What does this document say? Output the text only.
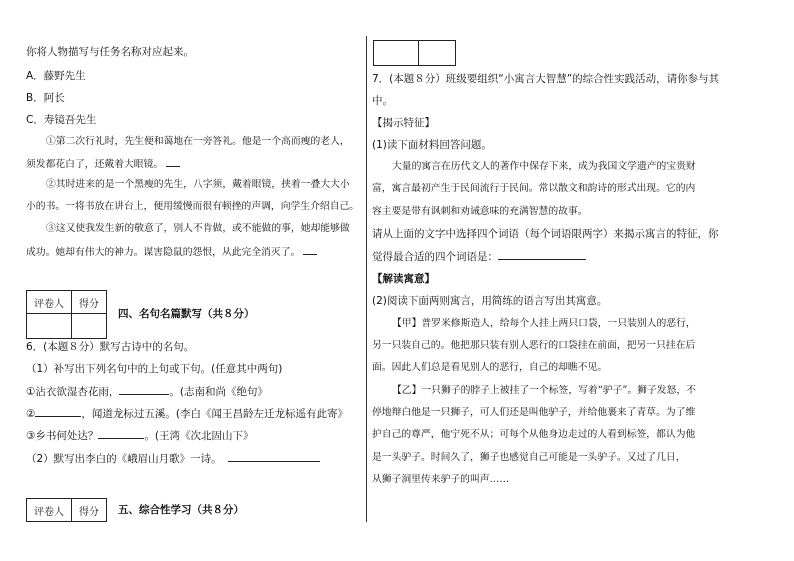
你将人物描写与任务名称对应起来。
A．藤野先生
B．阿长
C．寿镜吾先生
①第二次行礼时，先生便和蔼地在一旁答礼。他是一个高而瘦的老人，
须发都花白了，还戴着大眼镜。
②其时进来的是一个黑瘦的先生，八字须，戴着眼镜，挟着一叠大大小
小的书。一将书放在讲台上，便用缓慢而很有顿挫的声调，向学生介绍自己。
③这又使我发生新的敬意了，别人不肯做，或不能做的事，她却能够做
成功。她却有伟大的神力。谋害隐鼠的怨恨，从此完全消灭了。
评卷人	得分

四、名句名篇默写（共８分）
6．(本题８分）默写古诗中的名句。
（1）补写出下列名句中的上句或下句。(任意其中两句)
①沾衣欲湿杏花雨，	。(志南和尚《绝句》
②	，闻道龙标过五溪。(李白《闻王昌龄左迁龙标遥有此寄》
③乡书何处达？	。(王湾《次北固山下》
（2）默写出李白的《峨眉山月歌》一诗。
评卷人	得分 五、综合性学习（共８分）
7．(本题８分）班级要组织“小寓言大智慧”的综合性实践活动，请你参与其
中。
【揭示特征】
(1)读下面材料回答问题。
大量的寓言在历代文人的著作中保存下来，成为我国文学遗产的宝贵财
富，寓言最初产生于民间流行于民间。常以散文和韵诗的形式出现。它的内
容主要是带有讽刺和劝诫意味的充满智慧的故事。
请从上面的文字中选择四个词语（每个词语限两字）来揭示寓言的特征，你
觉得最合适的四个词语是：
【解读寓意】
(2)阅读下面两则寓言，用简练的语言写出其寓意。
【甲】普罗米修斯造人，给每个人挂上两只口袋，一只装别人的恶行，
另一只装自己的。他把那只装有别人恶行的口袋挂在前面，把另一只挂在后
面。因此人们总是看见别人的恶行，自己的却瞧不见。
【乙】一只狮子的脖子上被挂了一个标签，写着“驴子”。狮子发怒，不
停地辩白他是一只狮子，可人们还是叫他驴子，并给他裹来了青草。为了维
护自己的尊严，他宁死不从；可每个从他身边走过的人看到标签，都认为他
是一头驴子。时间久了，狮子也感觉自己可能是一头驴子。又过了几日，
从狮子洞里传来驴子的叫声……
